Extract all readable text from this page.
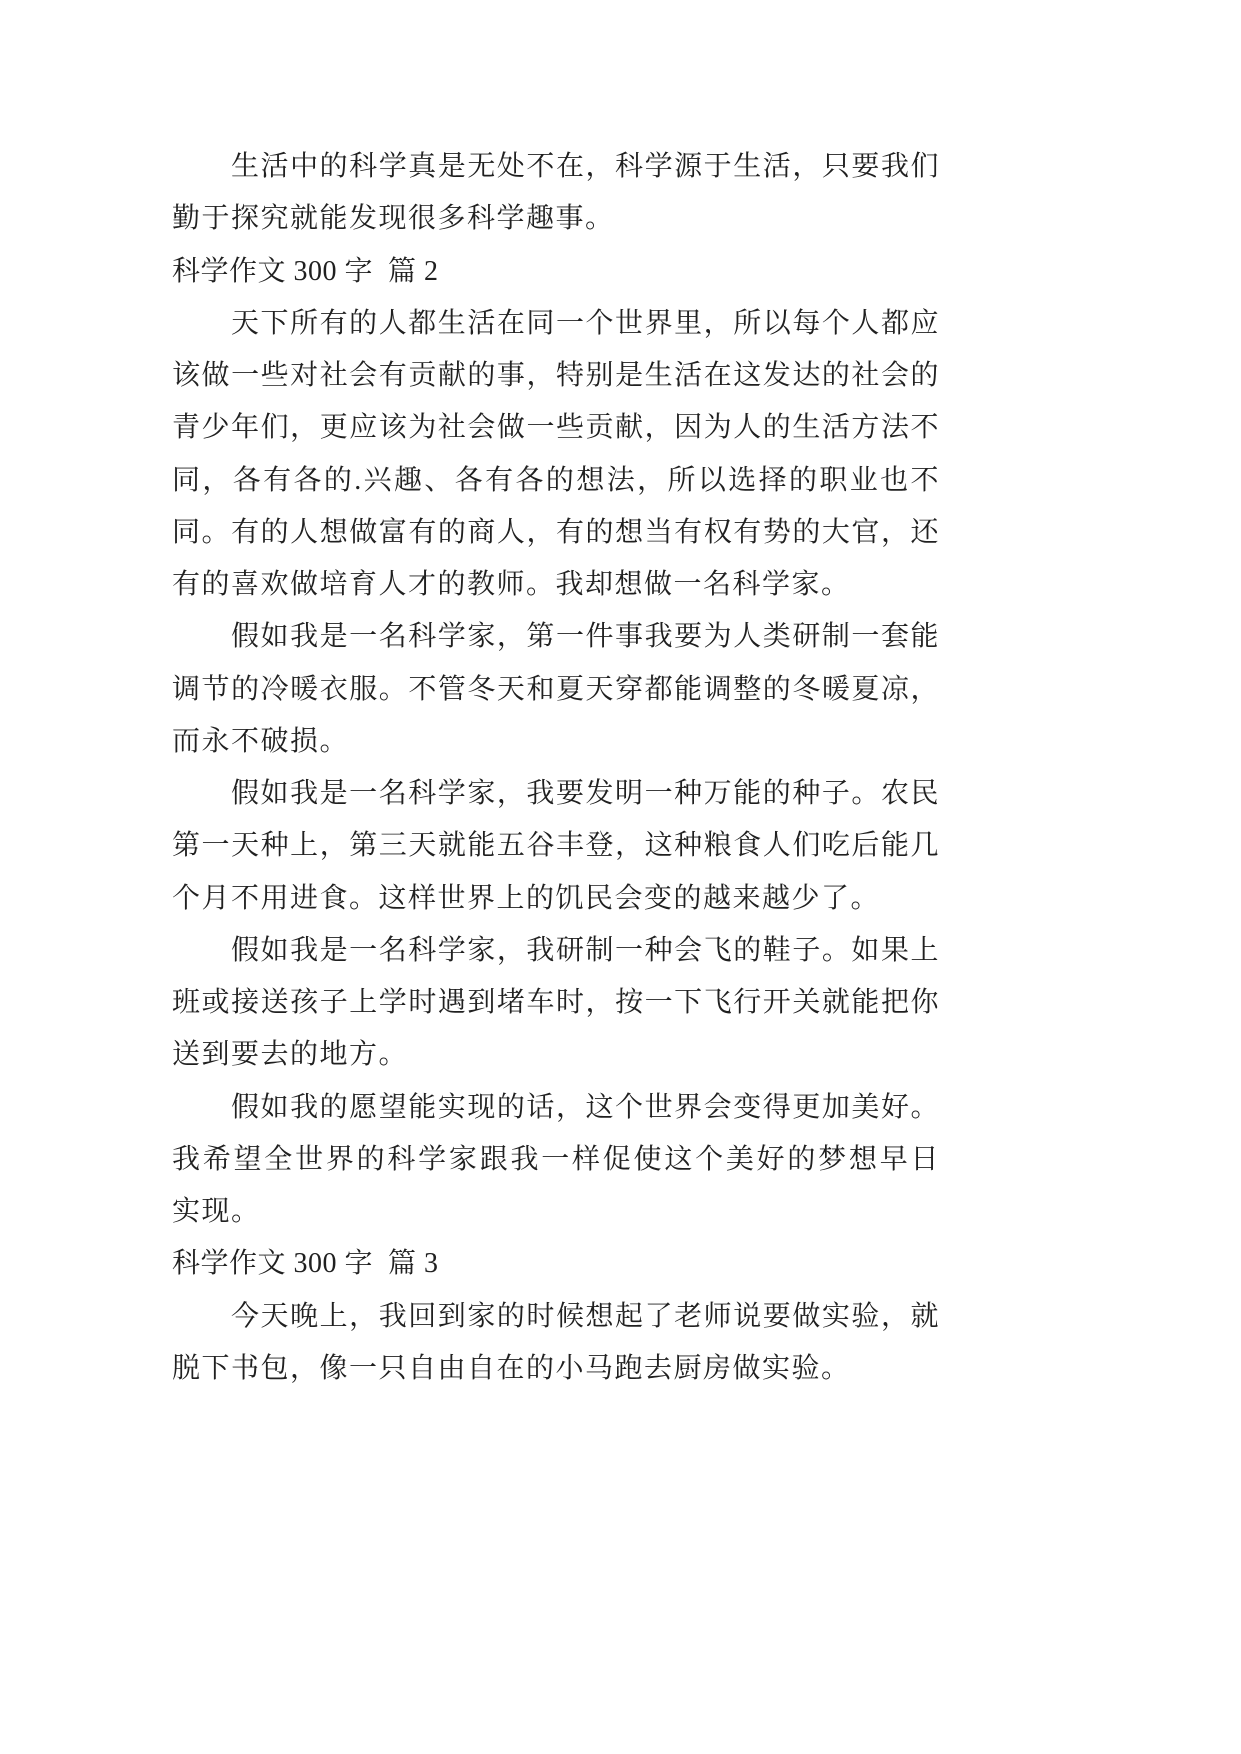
生活中的科学真是无处不在，科学源于生活，只要我们
勤于探究就能发现很多科学趣事。
科学作文 300 字  篇 2
天下所有的人都生活在同一个世界里，所以每个人都应
该做一些对社会有贡献的事，特别是生活在这发达的社会的
青少年们，更应该为社会做一些贡献，因为人的生活方法不
同，各有各的.兴趣、各有各的想法，所以选择的职业也不
同。有的人想做富有的商人，有的想当有权有势的大官，还
有的喜欢做培育人才的教师。我却想做一名科学家。
假如我是一名科学家，第一件事我要为人类研制一套能
调节的冷暖衣服。不管冬天和夏天穿都能调整的冬暖夏凉，
而永不破损。
假如我是一名科学家，我要发明一种万能的种子。农民
第一天种上，第三天就能五谷丰登，这种粮食人们吃后能几
个月不用进食。这样世界上的饥民会变的越来越少了。
假如我是一名科学家，我研制一种会飞的鞋子。如果上
班或接送孩子上学时遇到堵车时，按一下飞行开关就能把你
送到要去的地方。
假如我的愿望能实现的话，这个世界会变得更加美好。
我希望全世界的科学家跟我一样促使这个美好的梦想早日
实现。
科学作文 300 字  篇 3
今天晚上，我回到家的时候想起了老师说要做实验，就
脱下书包，像一只自由自在的小马跑去厨房做实验。
